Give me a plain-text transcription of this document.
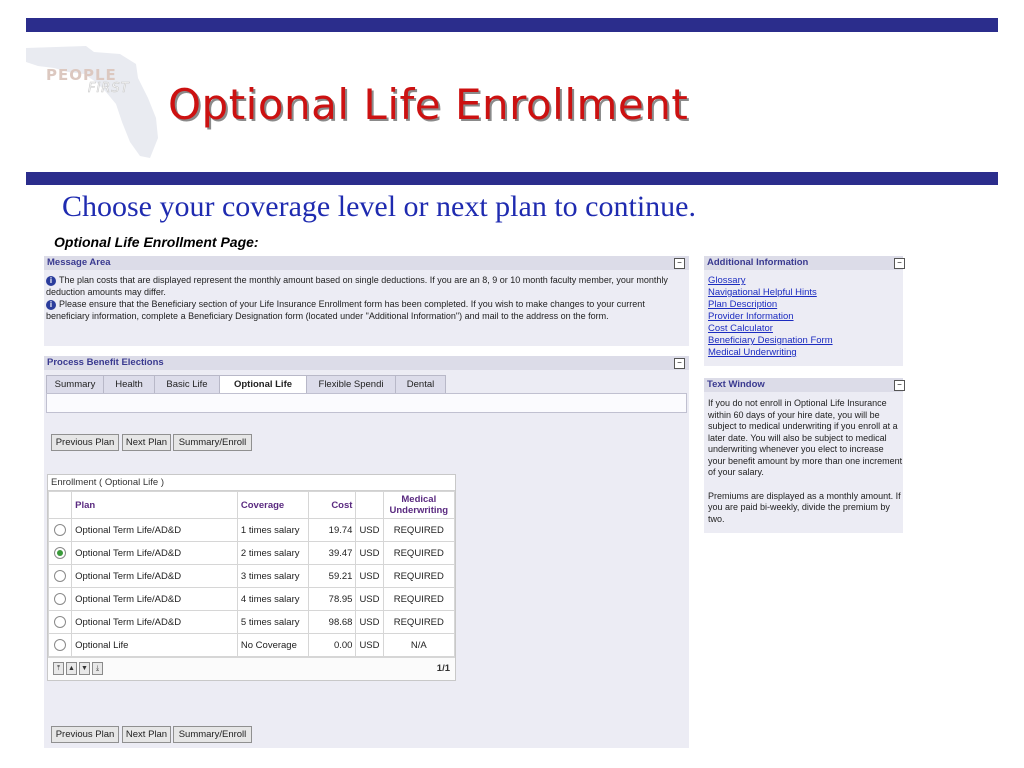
PEOPLE
FIRST Optional Life Enrollment
Choose your coverage level or next plan to continue.
Optional Life Enrollment Page:
Message Area	−
i The plan costs that are displayed represent the monthly amount based on single deductions. If you are an 8, 9 or 10 month faculty member, your monthly deduction amounts may differ.
i Please ensure that the Beneficiary section of your Life Insurance Enrollment form has been completed. If you wish to make changes to your current beneficiary information, complete a Beneficiary Designation form (located under "Additional Information") and mail to the address on the form.
Process Benefit Elections	−
Summary	Health	Basic Life	Optional Life	Flexible Spendi	Dental
Previous Plan	Next Plan	Summary/Enroll
Previous Plan	Next Plan	Summary/Enroll
Enrollment ( Optional Life )
	Plan	Coverage	Cost		Medical Underwriting
	Optional Term Life/AD&D	1 times salary	19.74	USD	REQUIRED
	Optional Term Life/AD&D	2 times salary	39.47	USD	REQUIRED
	Optional Term Life/AD&D	3 times salary	59.21	USD	REQUIRED
	Optional Term Life/AD&D	4 times salary	78.95	USD	REQUIRED
	Optional Term Life/AD&D	5 times salary	98.68	USD	REQUIRED
	Optional Life	No Coverage	0.00	USD	N/A
⤒	▲ ▼	⤓	1/1
Additional Information	−
Glossary
Navigational Helpful Hints
Plan Description
Provider Information
Cost Calculator
Beneficiary Designation Form
Medical Underwriting
Text Window	−
If you do not enroll in Optional Life Insurance within 60 days of your hire date, you will be subject to medical underwriting if you enroll at a later date. You will also be subject to medical underwriting whenever you elect to increase your benefit amount by more than one increment of your salary.
Premiums are displayed as a monthly amount. If you are paid bi-weekly, divide the premium by two.
